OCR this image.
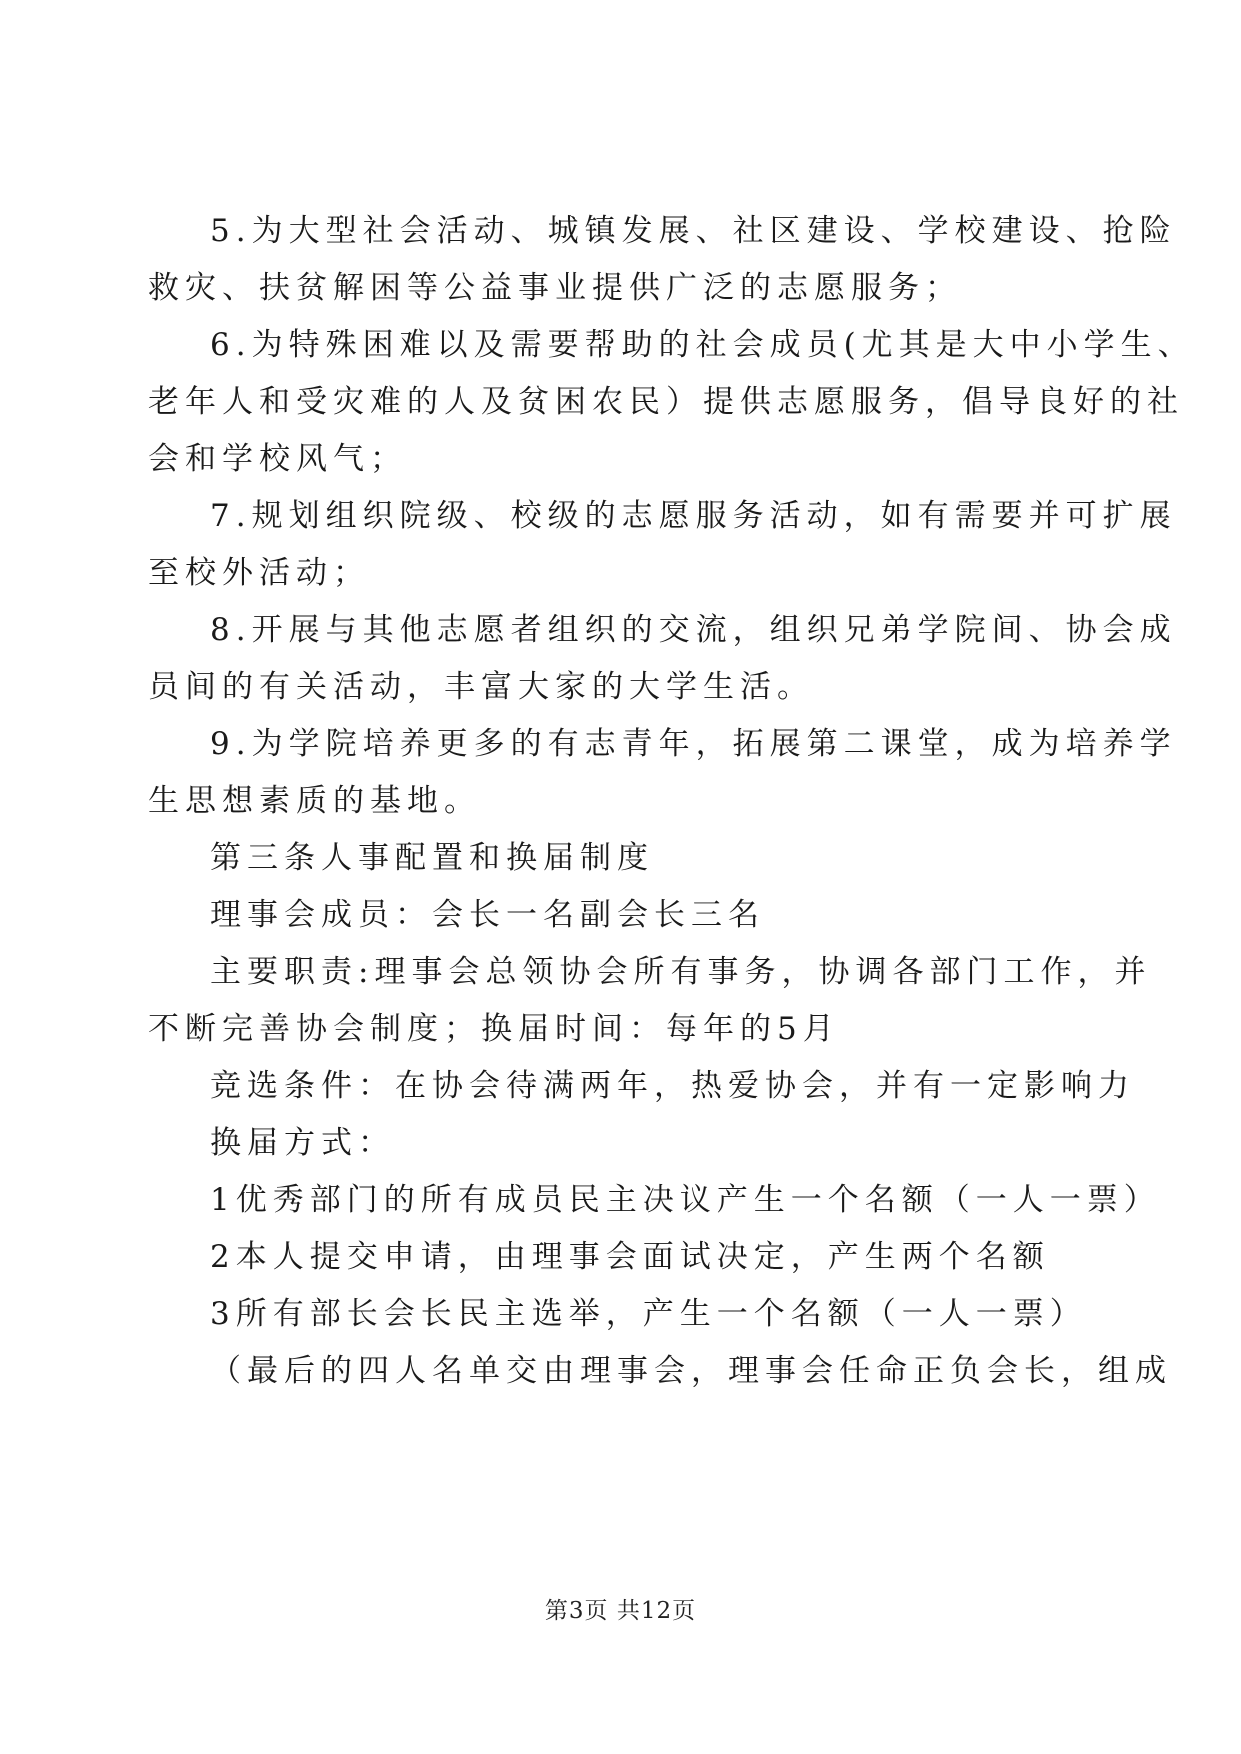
5.为大型社会活动、城镇发展、社区建设、学校建设、抢险
救灾、扶贫解困等公益事业提供广泛的志愿服务；
6.为特殊困难以及需要帮助的社会成员(尤其是大中小学生、
老年人和受灾难的人及贫困农民）提供志愿服务，倡导良好的社
会和学校风气；
7.规划组织院级、校级的志愿服务活动，如有需要并可扩展
至校外活动；
8.开展与其他志愿者组织的交流，组织兄弟学院间、协会成
员间的有关活动，丰富大家的大学生活。
9.为学院培养更多的有志青年，拓展第二课堂，成为培养学
生思想素质的基地。
第三条人事配置和换届制度
理事会成员：会长一名副会长三名
主要职责:理事会总领协会所有事务，协调各部门工作，并
不断完善协会制度；换届时间：每年的5月
竞选条件：在协会待满两年，热爱协会，并有一定影响力
换届方式：
1优秀部门的所有成员民主决议产生一个名额（一人一票）
2本人提交申请，由理事会面试决定，产生两个名额
3所有部长会长民主选举，产生一个名额（一人一票）
（最后的四人名单交由理事会，理事会任命正负会长，组成
第3页 共12页
